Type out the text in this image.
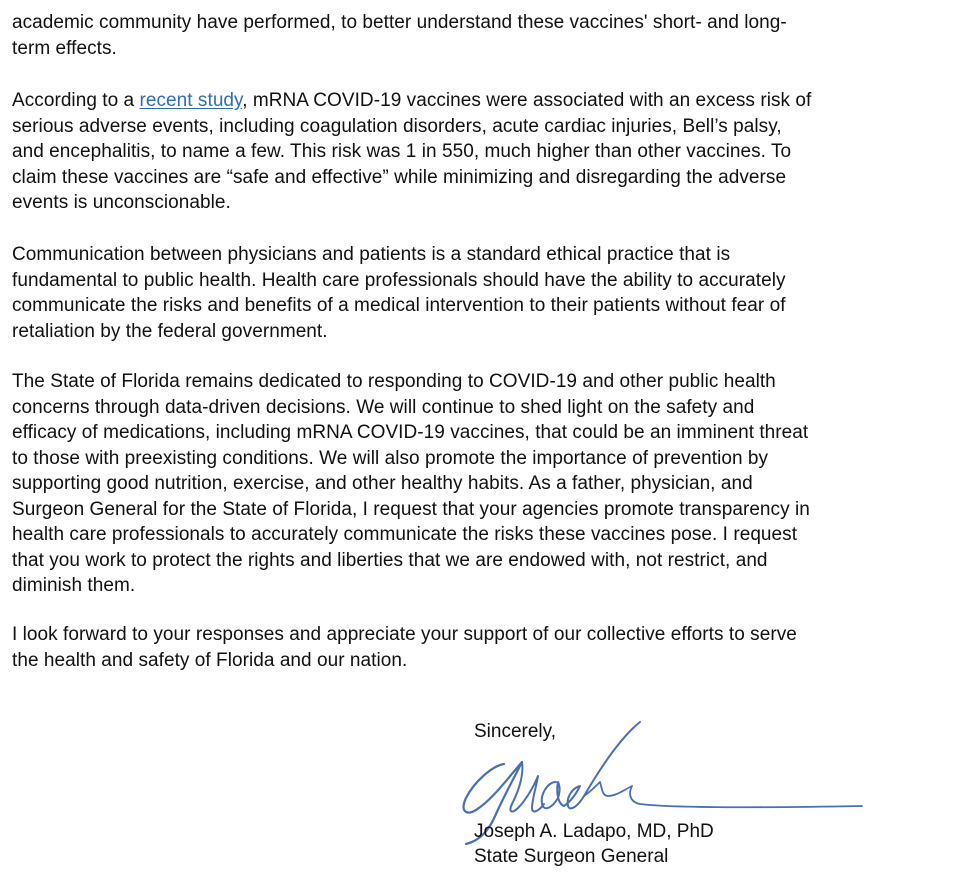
academic community have performed, to better understand these vaccines' short- and long-
term effects.

According to a recent study, mRNA COVID-19 vaccines were associated with an excess risk of
serious adverse events, including coagulation disorders, acute cardiac injuries, Bell’s palsy,
and encephalitis, to name a few. This risk was 1 in 550, much higher than other vaccines. To
claim these vaccines are “safe and effective” while minimizing and disregarding the adverse
events is unconscionable.

Communication between physicians and patients is a standard ethical practice that is
fundamental to public health. Health care professionals should have the ability to accurately
communicate the risks and benefits of a medical intervention to their patients without fear of
retaliation by the federal government.

The State of Florida remains dedicated to responding to COVID-19 and other public health
concerns through data-driven decisions. We will continue to shed light on the safety and
efficacy of medications, including mRNA COVID-19 vaccines, that could be an imminent threat
to those with preexisting conditions. We will also promote the importance of prevention by
supporting good nutrition, exercise, and other healthy habits. As a father, physician, and
Surgeon General for the State of Florida, I request that your agencies promote transparency in
health care professionals to accurately communicate the risks these vaccines pose. I request
that you work to protect the rights and liberties that we are endowed with, not restrict, and
diminish them.

I look forward to your responses and appreciate your support of our collective efforts to serve
the health and safety of Florida and our nation.

Sincerely,

Joseph A. Ladapo, MD, PhD
State Surgeon General
